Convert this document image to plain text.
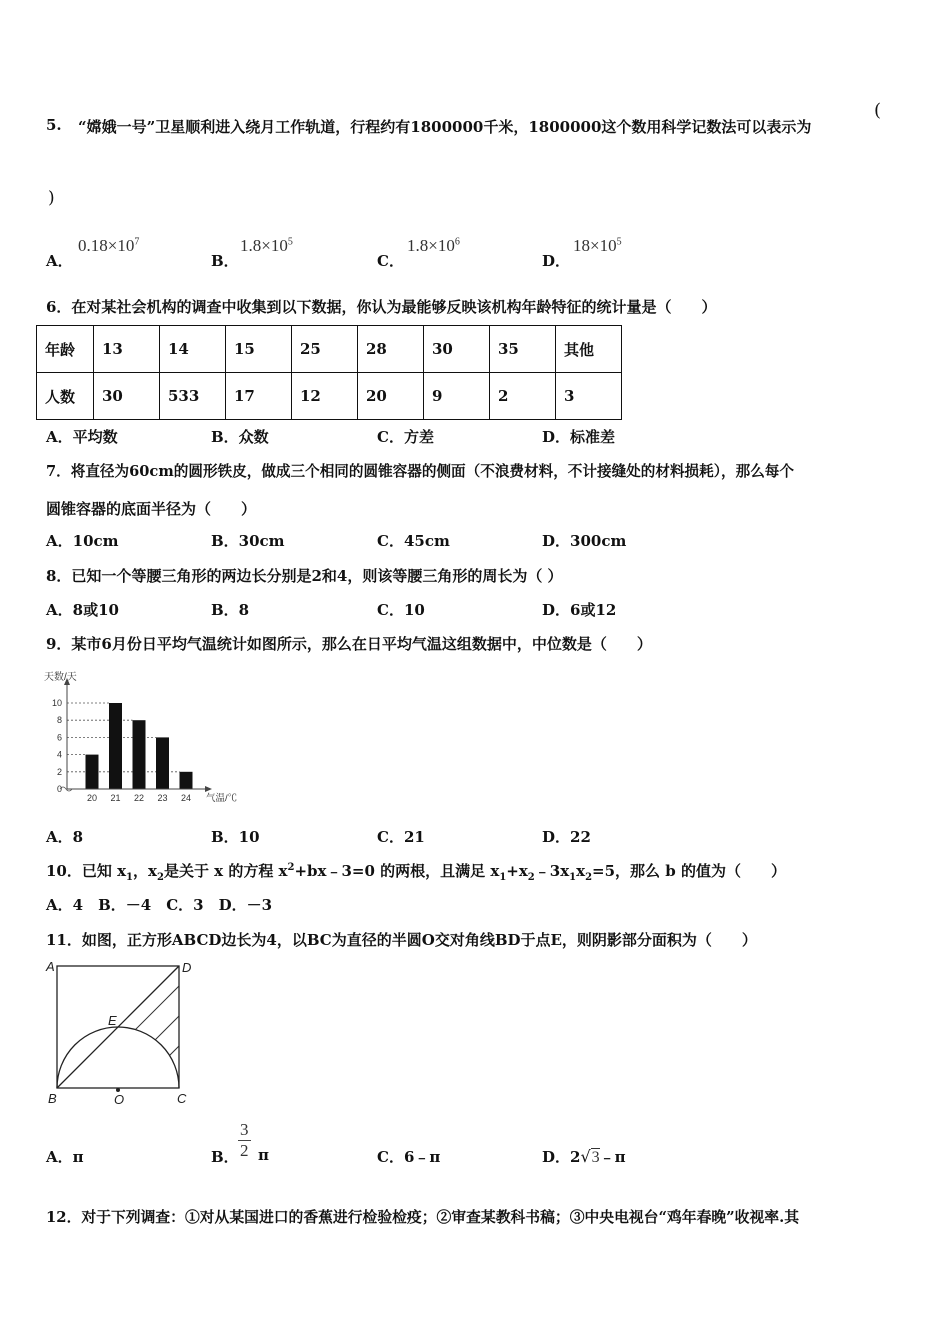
5. “嫦娥一号”卫星顺利进入绕月工作轨道，行程约有1800000千米，1800000这个数用科学记数法可以表示为
(
)
A．
$0.18\times 10^7$
B．
$1.8\times 10^5$
C．
$1.8\times 10^6$
D．
$18\times 10^5$
6．在对某社会机构的调查中收集到以下数据，你认为最能够反映该机构年龄特征的统计量是（　　）
年龄	13	14	15	25	28	30	35	其他
人数	30	533	17	12	20	9	2	3
A．平均数	B．众数	C．方差	D．标准差
7．将直径为60cm的圆形铁皮，做成三个相同的圆锥容器的侧面（不浪费材料，不计接缝处的材料损耗），那么每个
圆锥容器的底面半径为（　　）
A．10cm	B．30cm	C．45cm	D．300cm
8．已知一个等腰三角形的两边长分别是2和4，则该等腰三角形的周长为（ ）
A．8或10	B．8	C．10	D．6或12
9．某市6月份日平均气温统计如图所示，那么在日平均气温这组数据中，中位数是（　　）
天数/天
气温/℃
0
2
4
6
8
10
20 21 22 23 24
A．8	B．10	C．21	D．22
10．已知 $x_1$，$x_2$是关于 x 的方程 $x^2+bx﹣3=0$ 的两根，且满足 $x_1+x_2﹣3x_1x_2=5$，那么 b 的值为（　　）
A．4　B．－4　C．3　D．－3
11．如图，正方形ABCD边长为4，以BC为直径的半圆O交对角线BD于点E，则阴影部分面积为（　　）
A	D
E
B	O	C
A．π	B． $\frac{3}{2}$ π	C．6﹣π	D．2√3﹣π
12．对于下列调查：①对从某国进口的香蕉进行检验检疫；②审查某教科书稿；③中央电视台“鸡年春晚”收视率.其
